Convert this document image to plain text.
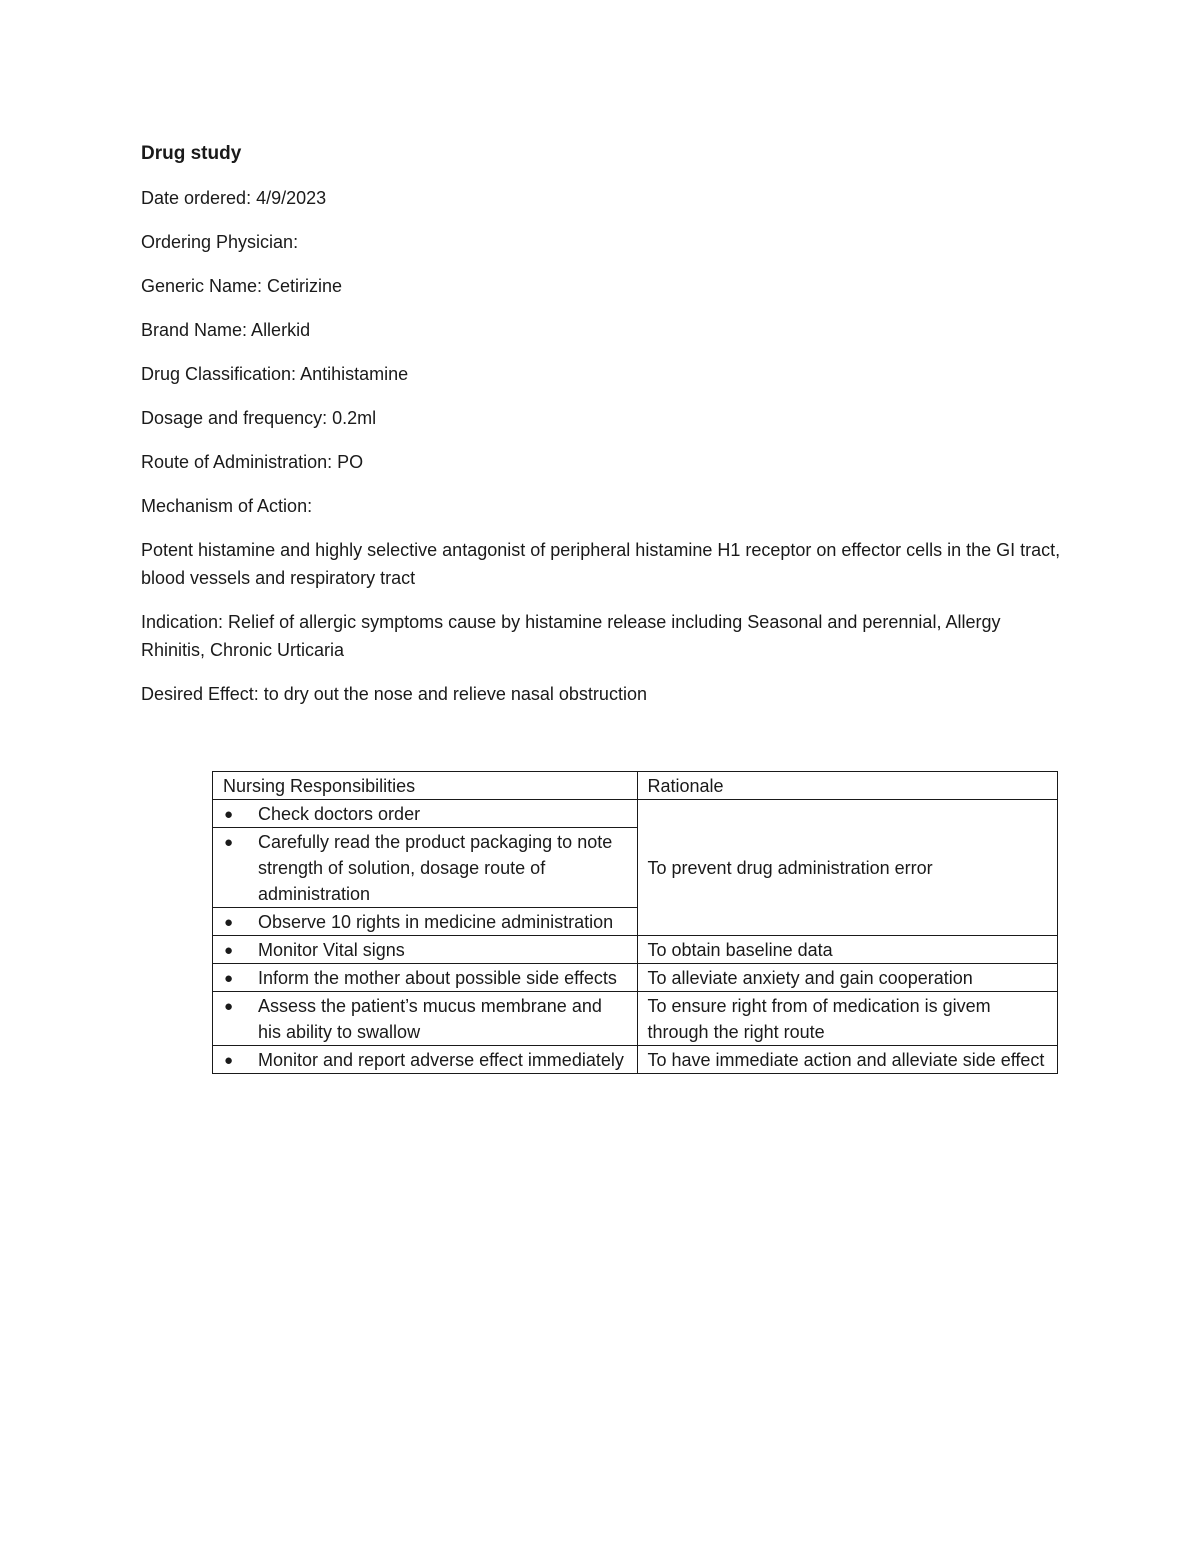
Drug study
Date ordered: 4/9/2023
Ordering Physician:
Generic Name: Cetirizine
Brand Name: Allerkid
Drug Classification: Antihistamine
Dosage and frequency: 0.2ml
Route of Administration: PO
Mechanism of Action:
Potent histamine and highly selective antagonist of peripheral histamine H1 receptor on effector cells in the GI tract, blood vessels and respiratory tract
Indication: Relief of allergic symptoms cause by histamine release including Seasonal and perennial, Allergy Rhinitis, Chronic Urticaria
Desired Effect: to dry out the nose and relieve nasal obstruction
Nursing Responsibilities	Rationale

● Check doctors order	To prevent drug administration error

● Carefully read the product packaging to note strength of solution, dosage route of administration	

● Observe 10 rights in medicine administration	

● Monitor Vital signs	To obtain baseline data

● Inform the mother about possible side effects	To alleviate anxiety and gain cooperation

● Assess the patient’s mucus membrane and his ability to swallow	To ensure right from of medication is givem through the right route

● Monitor and report adverse effect immediately	To have immediate action and alleviate side effect
